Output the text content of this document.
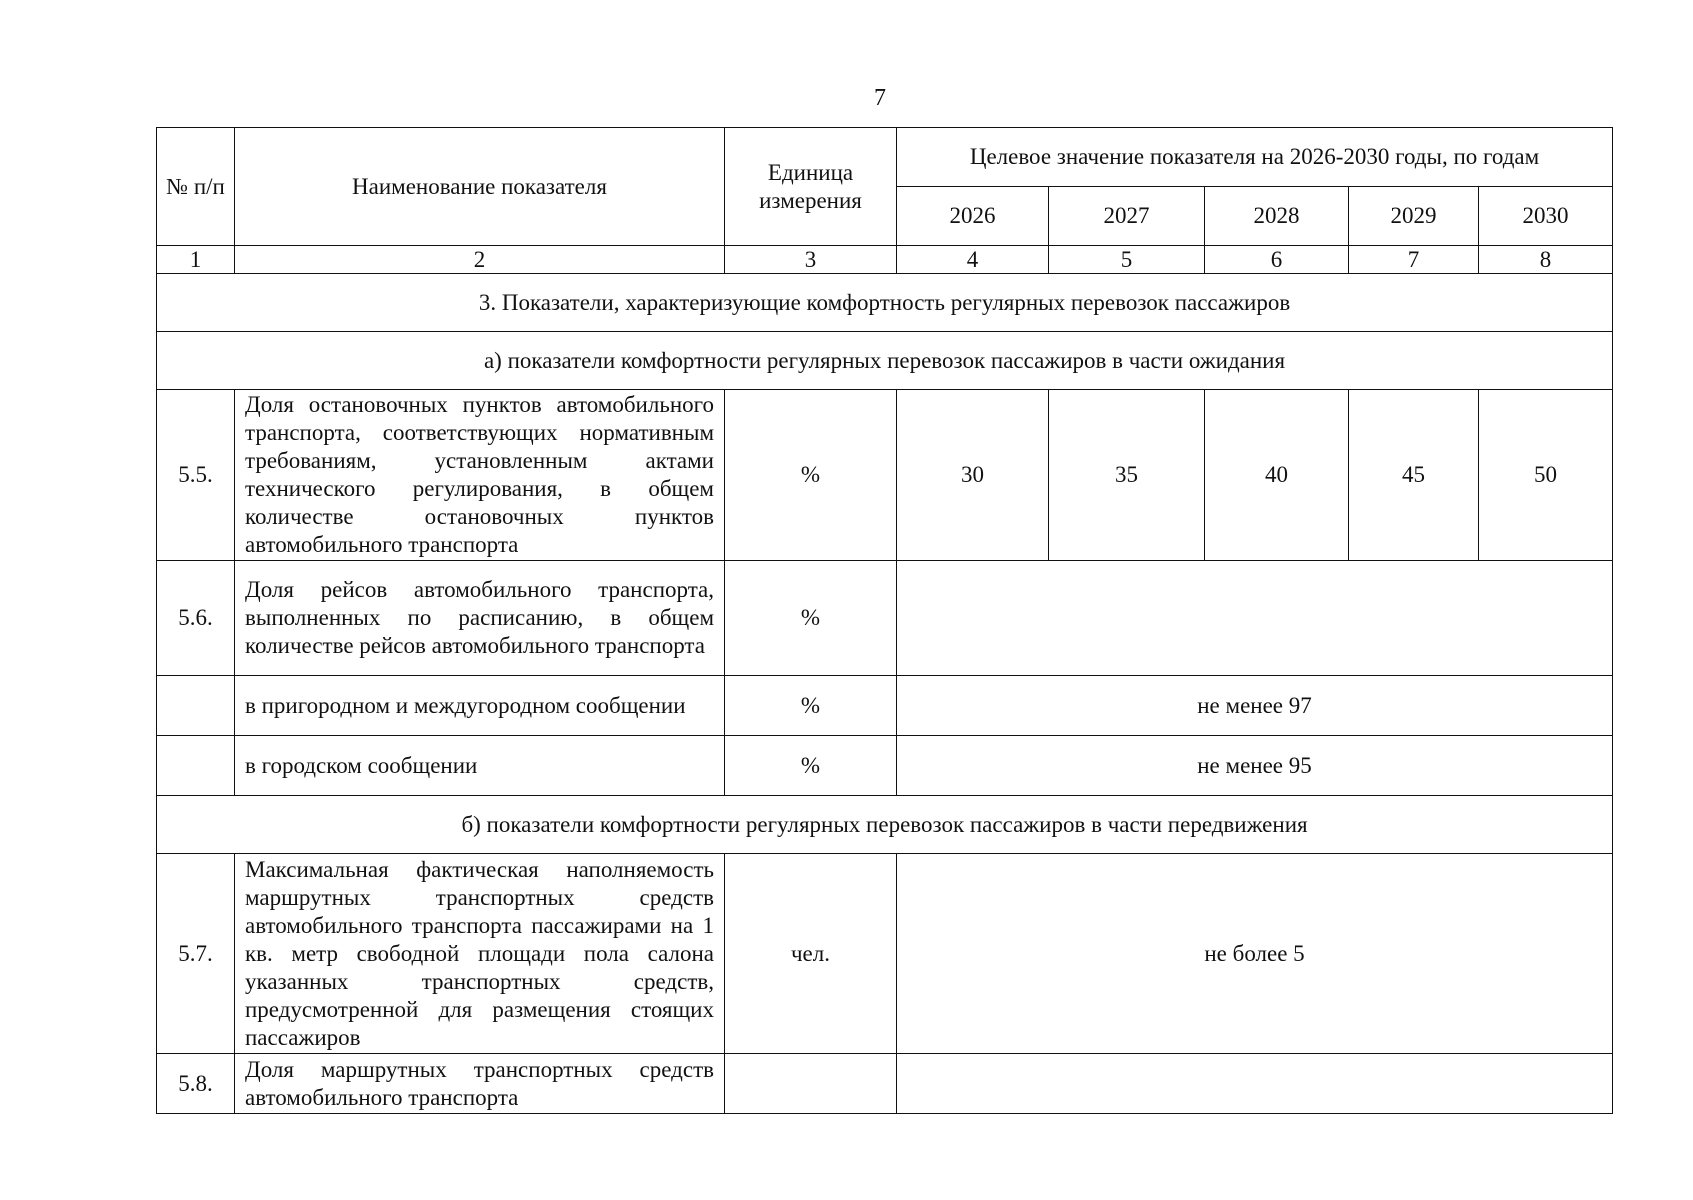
7
№ п/п	Наименование показателя	Единица измерения	Целевое значение показателя на 2026-2030 годы, по годам				
			2026	2027	2028	2029	2030
1	2	3	4	5	6	7	8
3. Показатели, характеризующие комфортность регулярных перевозок пассажиров							
а) показатели комфортности регулярных перевозок пассажиров в части ожидания							
5.5.	Доля остановочных пунктов автомобильного транспорта, соответствующих нормативным требованиям, установленным актами технического регулирования, в общем количестве остановочных пунктов автомобильного транспорта	%	30	35	40	45	50
5.6.	Доля рейсов автомобильного транспорта, выполненных по расписанию, в общем количестве рейсов автомобильного транспорта	%					
	в пригородном и междугородном сообщении	%	не менее 97				
	в городском сообщении	%	не менее 95				
б) показатели комфортности регулярных перевозок пассажиров в части передвижения							
5.7.	Максимальная фактическая наполняемость маршрутных транспортных средств автомобильного транспорта пассажирами на 1 кв. метр свободной площади пола салона указанных транспортных средств, предусмотренной для размещения стоящих пассажиров	чел.	не более 5				
5.8.	Доля маршрутных транспортных средств автомобильного транспорта						
